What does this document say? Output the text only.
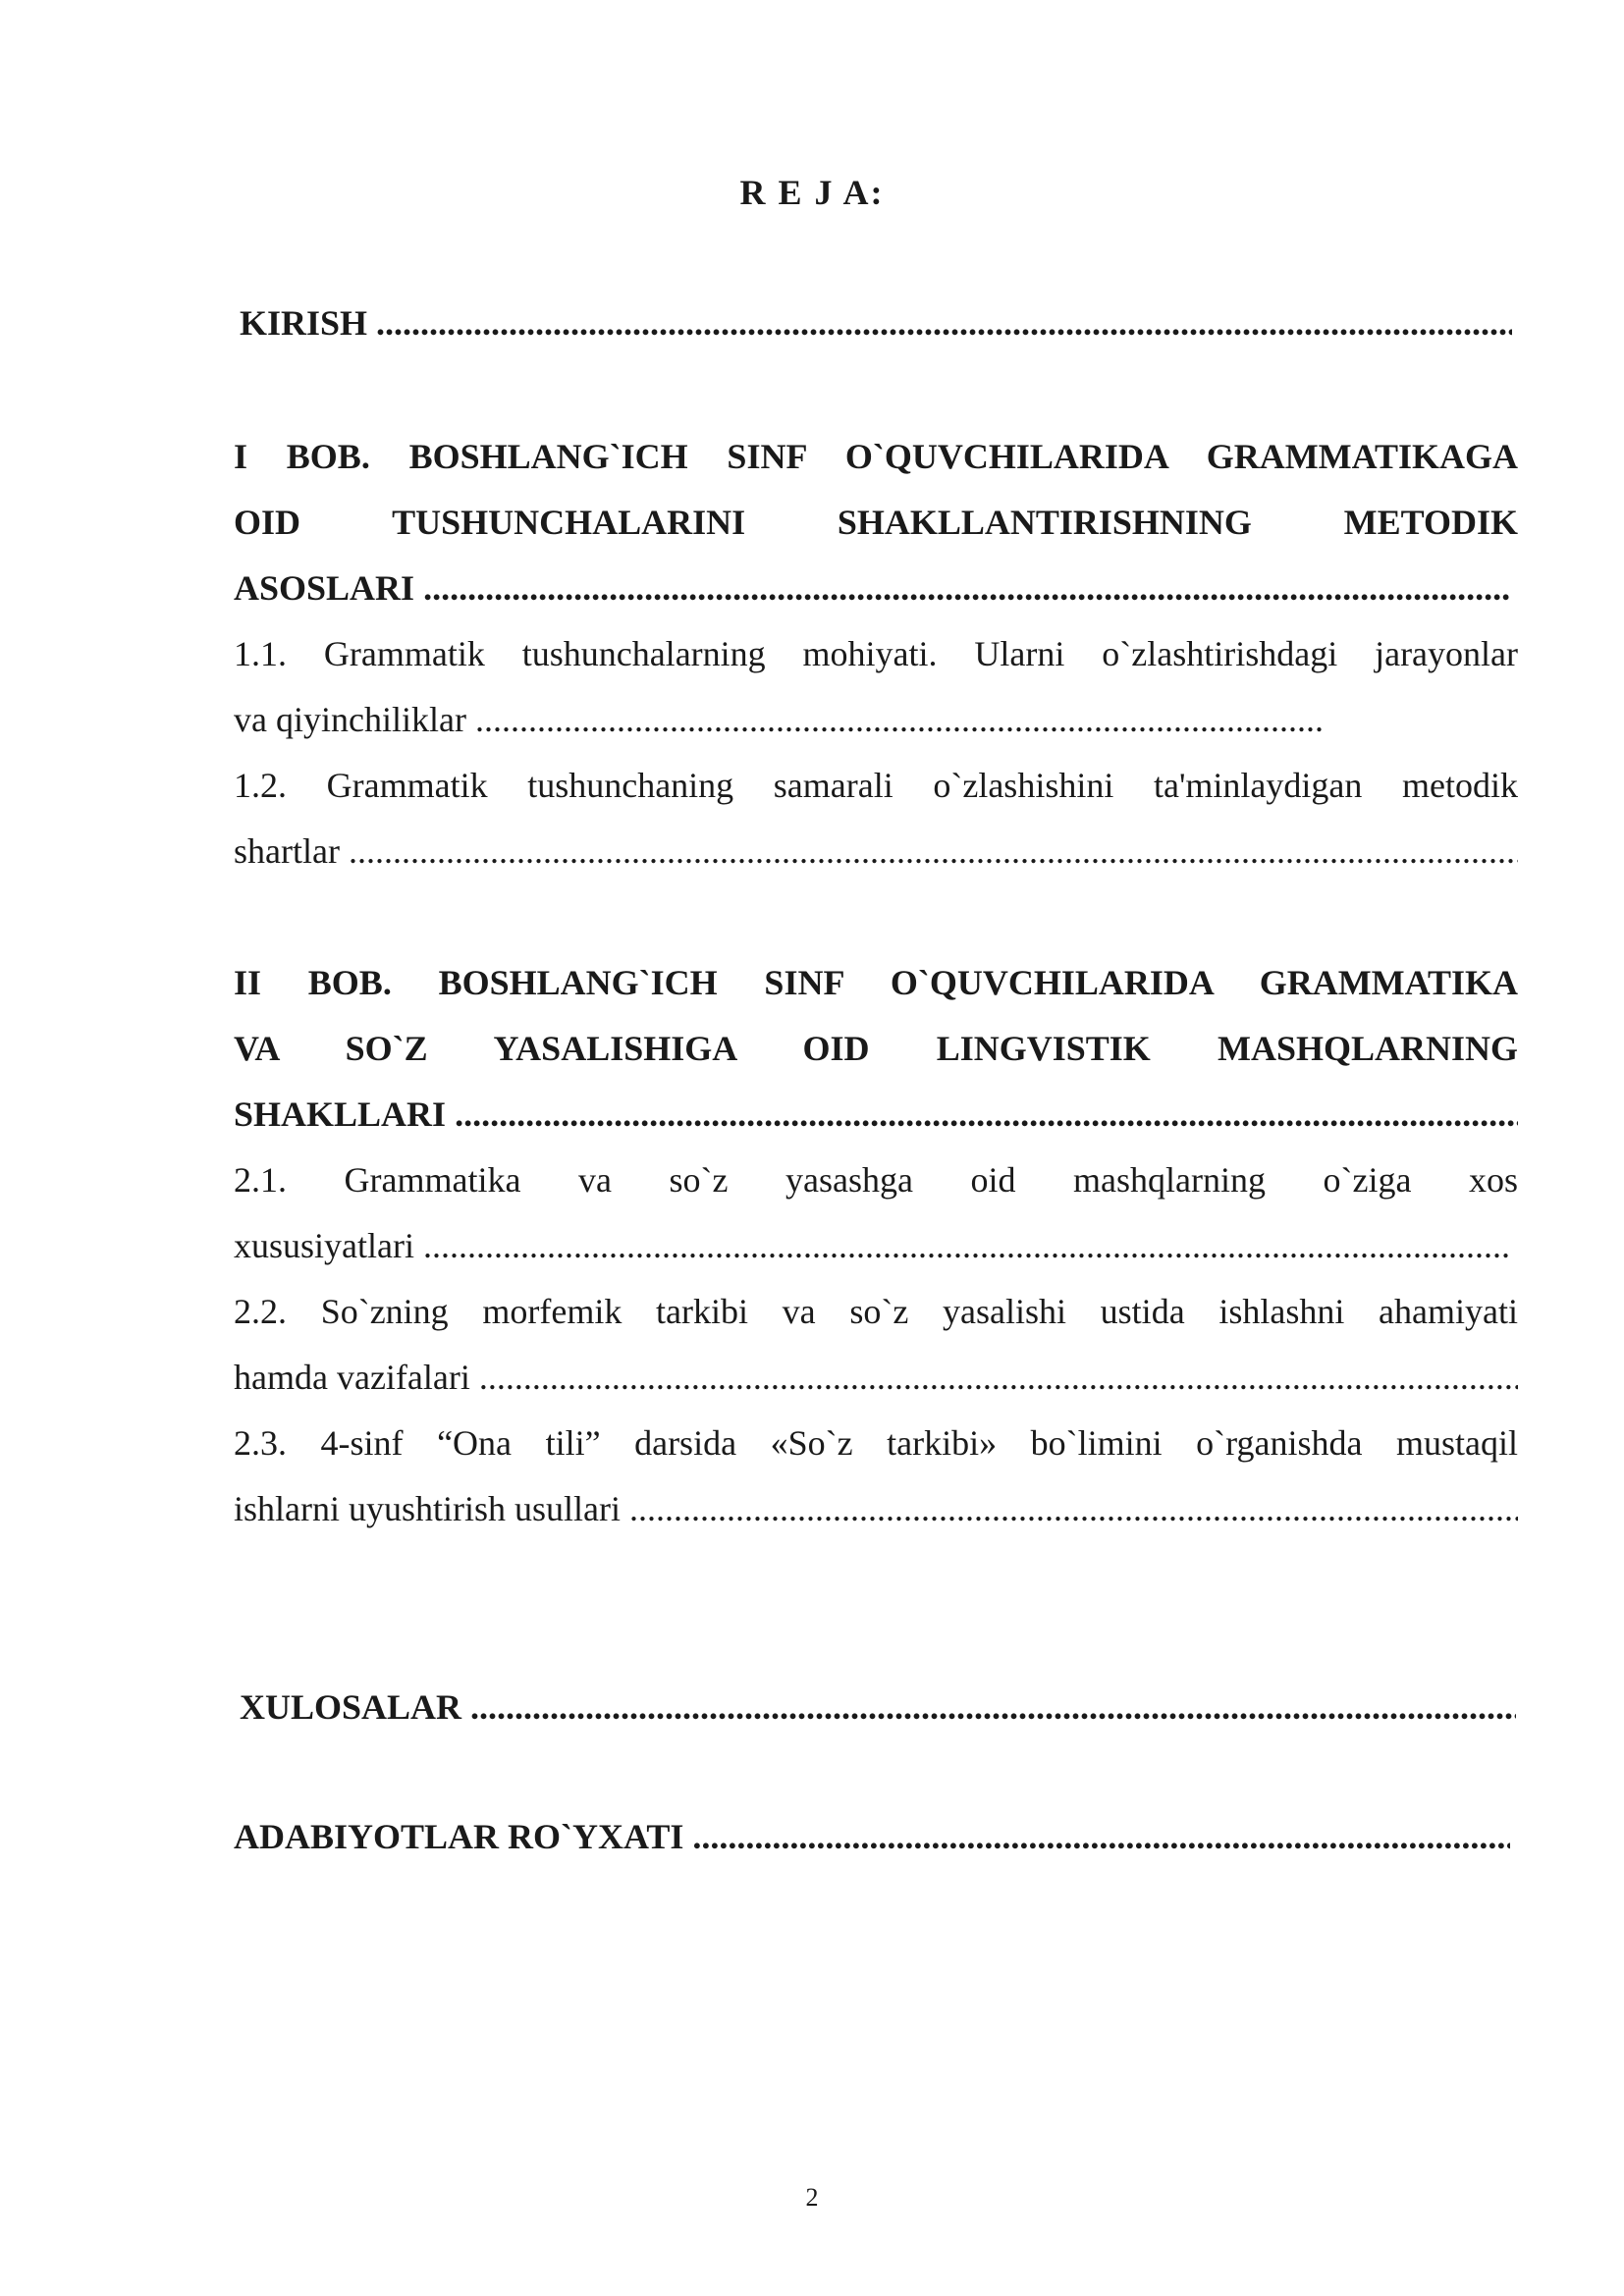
R E J A:
KIRISH .....
I BOB. BOSHLANG`ICH SINF O`QUVCHILARIDA GRAMMATIKAGA
OID TUSHUNCHALARINI SHAKLLANTIRISHNING METODIK
ASOSLARI .....
1.1. Grammatik tushunchalarning mohiyati. Ularni o`zlashtirishdagi jarayonlar
va qiyinchiliklar .....
1.2. Grammatik tushunchaning samarali o`zlashishini ta'minlaydigan metodik
shartlar .....
II BOB. BOSHLANG`ICH SINF O`QUVCHILARIDA GRAMMATIKA
VA SO`Z YASALISHIGA OID LINGVISTIK MASHQLARNING
SHAKLLARI .....
2.1. Grammatika va so`z yasashga oid mashqlarning o`ziga xos
xususiyatlari .....
2.2. So`zning morfemik tarkibi va so`z yasalishi ustida ishlashni ahamiyati
hamda vazifalari .....
2.3. 4-sinf “Ona tili” darsida «So`z tarkibi» bo`limini o`rganishda mustaqil
ishlarni uyushtirish usullari .....
XULOSALAR .....
ADABIYOTLAR RO`YXATI .....
2
